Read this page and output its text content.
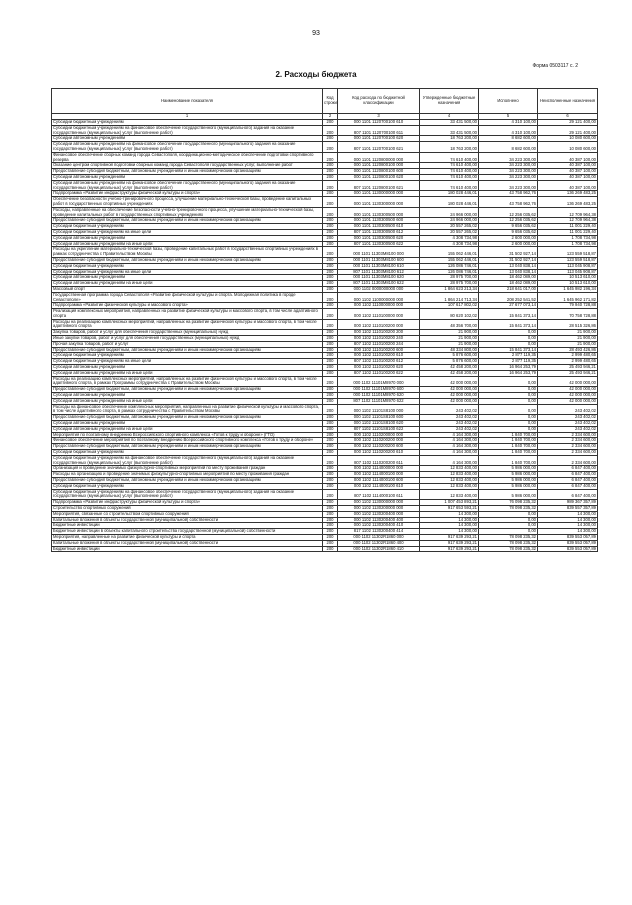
93
Форма 0503117 с. 2
2. Расходы бюджета
Наименование показателя	Код строки	Код расхода по бюджетной классификации	Утвержденные бюджетные назначения	Исполнено	Неисполненные назначения
1	2	3	4	5	6
Субсидии бюджетным учреждениям	200	000 1101 1120700100 610	33 431 500,00	4 310 100,00	29 121 400,00
Субсидии бюджетным учреждениям на финансовое обеспечение государственного (муниципального) задания на оказание государственных (муниципальных) услуг (выполнение работ)	200	807 1101 1120700100 611	33 431 500,00	4 310 100,00	29 121 400,00
Субсидии автономным учреждениям	200	000 1101 1120700100 620	18 763 200,00	8 682 600,00	10 080 600,00
Субсидии автономным учреждениям на финансовое обеспечение государственного (муниципального) задания на оказание государственных (муниципальных) услуг (выполнение работ)	200	807 1101 1120700100 621	18 763 200,00	8 682 600,00	10 080 600,00
Финансовое обеспечение сборных команд города Севастополя, координационно-методическое обеспечение подготовки спортивного резерва	200	000 1101 1120800000 000	74 610 400,00	34 223 300,00	40 387 100,00
Оказание центром спортивной подготовки сборных команд города Севастополя государственных услуг, выполнение работ	200	000 1101 1120800100 000	74 610 400,00	34 223 300,00	40 387 100,00
Предоставление субсидий бюджетным, автономным учреждениям и иным некоммерческим организациям	200	000 1101 1120800100 600	74 610 400,00	34 223 300,00	40 387 100,00
Субсидии автономным учреждениям	200	000 1101 1120800100 620	74 610 400,00	34 223 300,00	40 387 100,00
Субсидии автономным учреждениям на финансовое обеспечение государственного (муниципального) задания на оказание государственных (муниципальных) услуг (выполнение работ)	200	807 1101 1120800100 621	74 610 400,00	34 223 300,00	40 387 100,00
Подпрограмма «Развитие инфраструктуры физической культуры и спорта»	200	000 1101 1130000000 000	180 028 446,01	43 758 962,76	136 269 483,25
Обеспечение безопасности учебно-тренировочного процесса, улучшение материально-технической базы, проведение капитальных работ в государственных спортивных учреждениях	200	000 1101 1130300000 000	180 028 446,01	43 758 962,76	136 269 483,25
Расходы, направленные на обеспечение безопасности учебно-тренировочного процесса, улучшение материально-технической базы, проведение капитальных работ в государственных спортивных учреждениях	200	000 1101 1130300500 000	24 966 000,00	12 256 035,62	12 709 964,38
Предоставление субсидий бюджетным, автономным учреждениям и иным некоммерческим организациям	200	000 1101 1130300500 600	24 966 000,00	12 256 035,62	12 709 964,38
Субсидии бюджетным учреждениям	200	000 1101 1130300500 610	20 557 265,02	9 656 035,62	11 001 229,40
Субсидии бюджетным учреждениям на иные цели	200	807 1101 1130300500 612	20 557 265,02	9 656 035,62	11 001 229,40
Субсидии автономным учреждениям	200	000 1101 1130300500 620	4 308 734,98	2 600 000,00	1 708 734,98
Субсидии автономным учреждениям на иные цели	200	807 1101 1130300500 622	4 308 734,98	2 600 000,00	1 708 734,98
Расходы на укрепление материально-технической базы, проведение капитальных работ в государственных спортивных учреждениях в рамках сотрудничества с Правительством Москвы	200	000 1101 11303M8100 000	155 062 446,01	31 502 927,14	123 559 518,87
Предоставление субсидий бюджетным, автономным учреждениям и иным некоммерческим организациям	200	000 1101 11303M8100 600	155 062 446,01	31 502 927,14	123 559 518,87
Субсидии бюджетным учреждениям	200	000 1101 11303M8100 610	126 086 746,01	13 040 838,14	113 045 908,87
Субсидии бюджетным учреждениям на иные цели	200	807 1101 11303M8100 612	126 086 746,01	13 040 838,14	113 045 908,87
Субсидии автономным учреждениям	200	000 1101 11303M8100 620	28 975 700,00	18 462 089,00	10 513 610,00
Субсидии автономным учреждениям на иные цели	200	807 1101 11303M8100 622	28 975 700,00	18 462 089,00	10 513 610,00
Массовый спорт	200	000 1102 0000000000 000	1 864 623 213,34	218 641 017,00	1 645 982 196,34
Государственная программа города Севастополя «Развитие физической культуры и спорта. Молодежная политика в городе Севастополе»	200	000 1102 1100000000 000	1 864 214 713,34	208 252 541,52	1 645 962 171,82
Подпрограмма «Развитие физической культуры и массового спорта»	200	000 1102 1110000000 000	107 617 802,02	27 677 073,14	79 940 728,88
Реализация комплексных мероприятий, направленных на развитие физической культуры и массового спорта, в том числе адаптивного спорта	200	000 1102 1110100000 000	80 620 102,02	15 841 373,14	70 758 728,88
Расходы на реализацию комплексных мероприятий, направленных на развитие физической культуры и массового спорта, в том числе адаптивного спорта	200	000 1102 1110100200 000	48 356 700,00	15 841 373,14	28 515 326,86
Закупка товаров, работ и услуг для обеспечения государственных (муниципальных) нужд	200	000 1102 1110100200 200	21 900,00	0,00	21 900,00
Иные закупки товаров, работ и услуг для обеспечения государственных (муниципальных) нужд	200	000 1102 1110100200 240	21 900,00	0,00	21 900,00
Прочая закупка товаров, работ и услуг	200	807 1102 1110100200 244	21 900,00	0,00	21 900,00
Предоставление субсидий бюджетным, автономным учреждениям и иным некоммерческим организациям	200	000 1102 1110100200 600	48 334 800,00	15 841 373,14	28 493 426,86
Субсидии бюджетным учреждениям	200	000 1102 1110100200 610	5 876 600,00	2 877 119,35	2 999 480,65
Субсидии бюджетным учреждениям на иные цели	200	807 1102 1110100200 612	5 876 600,00	2 877 119,35	2 999 480,65
Субсидии автономным учреждениям	200	000 1102 1110100200 620	42 458 200,00	16 964 253,79	25 493 946,21
Субсидии автономным учреждениям на иные цели	200	807 1102 1110100200 622	42 458 200,00	16 964 253,79	25 493 946,21
Расходы на реализацию комплексных мероприятий, направленных на развитие физической культуры и массового спорта, в том числе адаптивного спорта, в рамках Программы сотрудничества с Правительством Москвы	200	000 1102 11101M8970 000	42 000 000,00	0,00	42 000 000,00
Предоставление субсидий бюджетным, автономным учреждениям и иным некоммерческим организациям	200	000 1102 11101M8970 600	42 000 000,00	0,00	42 000 000,00
Субсидии автономным учреждениям	200	000 1102 11101M8970 620	42 000 000,00	0,00	42 000 000,00
Субсидии автономным учреждениям на иные цели	200	807 1102 11101M8970 622	42 000 000,00	0,00	42 000 000,00
Расходы на финансовое обеспечение комплексных мероприятий, направленных на развитие физической культуры и массового спорта, в том числе адаптивного спорта, в рамках сотрудничества с Правительством Москвы	200	000 1102 11101S8100 000	243 402,02	0,00	243 402,02
Предоставление субсидий бюджетным, автономным учреждениям и иным некоммерческим организациям	200	000 1102 11101S8100 600	243 402,02	0,00	243 402,02
Субсидии автономным учреждениям	200	000 1102 11101S8100 620	243 402,02	0,00	243 402,02
Субсидии автономным учреждениям на иные цели	200	807 1102 11101S8100 622	243 402,02	0,00	243 402,02
Мероприятия по поэтапному внедрению Всероссийского спортивного комплекса «Готов к труду и обороне» (ГТО)	200	000 1102 1110200000 000	4 164 300,00	1 840 700,00	2 334 600,00
Финансовое обеспечение мероприятий по поэтапному внедрению Всероссийского спортивного комплекса «Готов к труду и обороне»	200	000 1102 1110200200 000	4 164 300,00	1 840 700,00	2 334 600,00
Предоставление субсидий бюджетным, автономным учреждениям и иным некоммерческим организациям	200	000 1102 1110200200 600	4 164 300,00	1 840 700,00	2 334 600,00
Субсидии бюджетным учреждениям	200	000 1102 1110200200 610	4 164 300,00	1 840 700,00	2 334 600,00
Субсидии бюджетным учреждениям на финансовое обеспечение государственного (муниципального) задания на оказание государственных (муниципальных) услуг (выполнение работ)	200	807 1102 1110200200 611	4 164 300,00	1 840 700,00	2 334 600,00
Организация и проведение значимых физкультурно-спортивных мероприятий по месту проживания граждан	200	000 1102 1114000000 000	12 833 400,00	5 986 000,00	6 847 400,00
Расходы на организацию и проведение значимых физкультурно-спортивных мероприятий по месту проживания граждан	200	000 1102 1114000100 000	12 833 400,00	5 986 000,00	6 847 400,00
Предоставление субсидий бюджетным, автономным учреждениям и иным некоммерческим организациям	200	000 1102 1114000100 600	12 833 400,00	5 986 000,00	6 847 400,00
Субсидии бюджетным учреждениям	200	000 1102 1114000100 610	12 833 400,00	5 986 000,00	6 847 400,00
Субсидии бюджетным учреждениям на финансовое обеспечение государственного (муниципального) задания на оказание государственных (муниципальных) услуг (выполнение работ)	200	807 1102 1114000100 611	12 833 400,00	5 986 000,00	6 847 400,00
Подпрограмма «Развитие инфраструктуры физической культуры и спорта»	200	000 1102 1130000000 000	1 007 453 893,21	76 098 235,32	989 367 357,89
Строительство спортивных сооружений	200	000 1102 1130200000 000	917 653 593,21	78 098 235,32	839 557 357,89
Мероприятия, связанные со строительством спортивных сооружений	200	000 1102 1130200400 000	14 300,00	0,00	14 300,00
Капитальные вложения в объекты государственной (муниципальной) собственности	200	000 1102 1130200400 400	14 300,00	0,00	14 300,00
Бюджетные инвестиции	200	000 1102 1130200400 410	14 300,00	0,00	14 300,00
Бюджетные инвестиции в объекты капитального строительства государственной (муниципальной) собственности	200	817 1102 1130200400 414	14 300,00	0,00	14 300,00
Мероприятия, направленные на развитие физической культуры и спорта	200	000 1102 11302R1860 000	917 639 293,21	78 098 235,32	839 553 057,89
Капитальные вложения в объекты государственной (муниципальной) собственности	200	000 1102 11302R1860 400	917 639 293,21	78 098 235,32	839 553 057,89
Бюджетные инвестиции	200	000 1102 11302R1860 410	917 639 293,21	78 098 235,32	839 553 057,89
